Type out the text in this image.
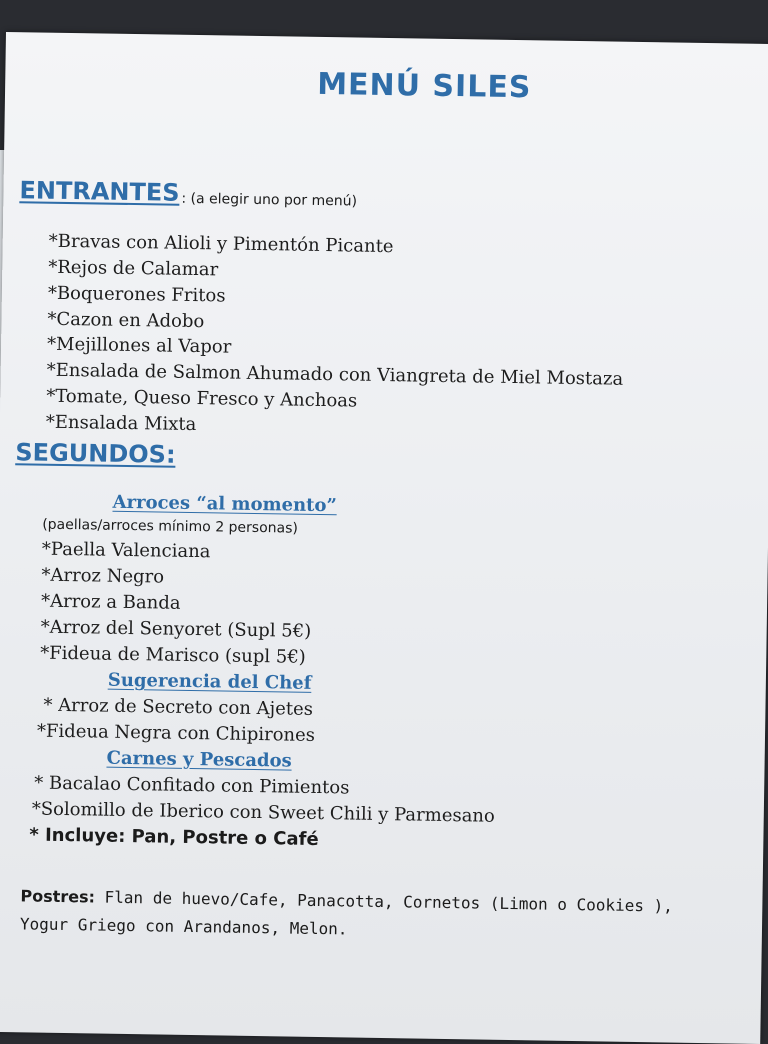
MENÚ SILES
ENTRANTES : (a elegir uno por menú)
*Bravas con Alioli y Pimentón Picante
*Rejos de Calamar
*Boquerones Fritos
*Cazon en Adobo
*Mejillones al Vapor
*Ensalada de Salmon Ahumado con Viangreta de Miel Mostaza
*Tomate, Queso Fresco y Anchoas
*Ensalada Mixta
SEGUNDOS:
Arroces “al momento”
(paellas/arroces mínimo 2 personas)
*Paella Valenciana
*Arroz Negro
*Arroz a Banda
*Arroz del Senyoret (Supl 5€)
*Fideua de Marisco (supl 5€)
Sugerencia del Chef
* Arroz de Secreto con Ajetes
*Fideua Negra con Chipirones
Carnes y Pescados
* Bacalao Confitado con Pimientos
*Solomillo de Iberico con Sweet Chili y Parmesano
* Incluye: Pan, Postre o Café
Postres: Flan de huevo/Cafe, Panacotta, Cornetos (Limon o Cookies ), Yogur Griego con Arandanos, Melon.
